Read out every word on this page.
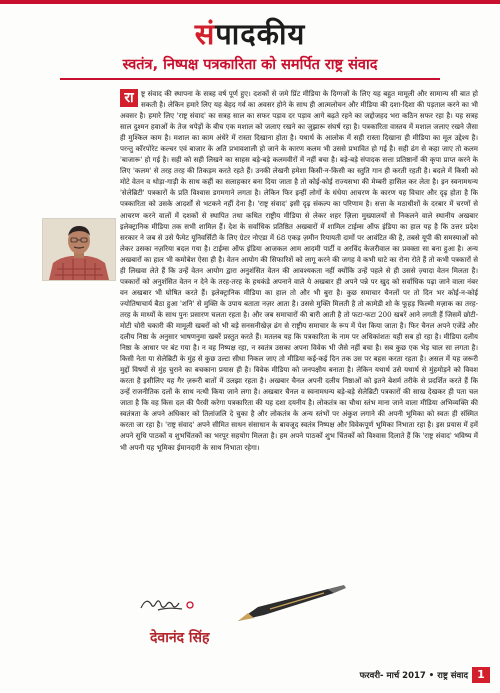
संपादकीय
स्वतंत्र, निष्पक्ष पत्रकारिता को समर्पित राष्ट्र संवाद

रा	ष्ट्र संवाद की स्थापना के सत्रह वर्ष पूर्ण हुए। दशकों से जमे प्रिंट मीडिया के दिग्गजों के लिए यह बहुत मामूली और सामान्य सी बात हो सकती है। लेकिन हमारे लिए यह बेहद गर्व का अवसर होने के साथ ही आत्मलोचन और मीडिया की दशा-दिशा की पड़ताल करने का भी अवसर है। हमारे लिए 'राष्ट्र संवाद' का सत्रह साल का सफर पड़ाव दर पड़ाव आगे बढ़ते रहने का जद्दोजहद भरा कठिन सफर रहा है। यह सत्रह साल दुश्मन हवाओं के तेज थपेड़ों के बीच एक मशाल को जलाए रखने का जुझारू संघर्ष रहा है। पत्रकारिता वास्तव में मशाल जलाए रखने जैसा ही मुश्किल काम है। मशाल का काम अंधेरे में रास्ता दिखाना होता है। यथार्थ के आलोक में सही रास्ता दिखाना ही मीडिया का मूल उद्देश्य है। परन्तु कॉरपोरेट कल्चर एवं बाजार के अति प्रभावशाली हो जाने के कारण कलम भी उससे प्रभावित हो गई है। सही ढंग से कहा जाए तो कलम 'बाजारू' हो गई है। सही को सही लिखने का साहस बड़े-बड़े कलमवीरों में नहीं बचा है। बड़े-बड़े संपादक सत्ता प्रतिष्ठानों की कृपा प्राप्त करने के लिए 'कलम' से तरह तरह की तिकड़म करते रहते हैं। उनकी लेखनी हमेशा किसी-न-किसी का स्तुति गान ही करती रहती है। बदले में किसी को मोटे वेतन व थोड़ा-गाड़ी के साथ कहीं का सलाहकार बना दिया जाता है तो कोई-कोई राज्यसभा की मेम्बरी हासिल कर लेता है। इन स्वनामधन्य 'सेलेब्रिटी' पत्रकारों के प्रति विश्वास डगमगाने लगता है। लेकिन फिर इन्हीं लोगों के धंधेया आचरण के कारण यह विचार और दृढ़ होता है कि पत्रकारिता को उसके आदर्शों से भटकने नहीं देना है। 'राष्ट्र संवाद' इसी दृढ़ संकल्प का परिणाम है। सत्ता के मठाधीशों के दरबार में चरणों से आचरण करने वालों में दशकों से स्थापित तथा कथित राष्ट्रीय मीडिया से लेकर शहर ज़िला मुख्यालयों से निकलने वाले स्थानीय अखबार इलेक्ट्रानिक मीडिया तक सभी शामिल हैं। देश के सर्वाधिक प्रतिष्ठित अखबारों में शामिल टाईम्स ऑफ इंडिया का हाल यह है कि उत्तर प्रदेश सरकार ने जब से उसे फैमेट यूनिवर्सिटी के लिए ग्रेटर नोएडा में 68 एकड़ ज़मीन रियायती दामों पर आवंटित की है, तबसे यूपी की समस्याओं को लेकर उसका नज़रिया बदल गया है। टाईम्स ऑफ इंडिया आजकल आम आदमी पार्टी व अरविंद केजरीवाल का प्रवक्ता सा बना हुआ है। अन्य अखबारों का हाल भी कमोबेश ऐसा ही है। वेतन आयोग की सिफारिशें को लागू करने की जगह वे कभी घाटे का रोना रोते हैं तो कभी पत्रकारों से ही लिखवा लेते हैं कि उन्हें वेतन आयोग द्वारा अनुशंसित वेतन की आवश्यकता नहीं क्योंकि उन्हें पहले से ही उससे ज़्यादा वेतन मिलता है। पत्रकारों को अनुशंसित वेतन न देने के तरह-तरह के हथकंडे अपनाने वाले ये अखबार ही अपने पन्ने पर खुद को सर्वाधिक पढ़ा जाने वाला नंबर वन अखबार भी घोषित करते हैं। इलेक्ट्रानिक मीडिया का हाल तो और भी बुरा है। कुछ समाचार चैनलों पर तो दिन भर कोई-न-कोई ज्योतिषाचार्य बैठा हुआ 'शनि' से मुक्ति के उपाय बताता नज़र आता है। उससे मुक्ति मिलती है तो कामेडी शो के फूहड़ फिल्मी मज़ाक का तरह-तरह के माध्यों के साथ पुनः प्रसारण चलता रहता है। और जब समाचारों की बारी आती है तो फटा-फटा 200 खबरें आने लगती हैं जिसमें छोटी-मोटी चोरी चकारी की मामूली खबरों को भी बड़े सनसनीखेज़ ढंग से राष्ट्रीय समाचार के रूप में पेश किया जाता है। फिर चैनल अपने एजेंडे और दलीय निष्ठा के अनुसार भाषणनुमा खबरें प्रस्तुत करते हैं। मतलब यह कि पत्रकारिता के नाम पर अधिकांशतः यही सब हो रहा है। मीडिया दलीय निष्ठा के आधार पर बंट गया है। न वह निष्पक्ष रहा, न स्वतंत्र उसका अपना विवेक भी जैसे नहीं बचा है। सब कुछ एक भेड़ चाल सा लगता है। किसी नेता या सेलेब्रिटी के मुंह से कुछ उल्टा सीधा निकल जाए तो मीडिया कई-कई दिन तक उस पर बहस करता रहता है। असल में यह जरूरी मुद्दों विषयों से मुंह चुराने का बचकाना प्रयास ही है। विवेक मीडिया को जनपक्षीय बनाता है। लेकिन यथार्थ उसे यथार्थ से मुंहमोड़ने को विवश करता है इसीलिए यह गैर ज़रूरी बातों में उलझा रहता है। अखबार चैनल अपनी दलीय निष्ठाओं को इतने बेशर्म तरीके से प्रदर्शित करते हैं कि उन्हें राजनीतिक दलों के साथ नत्थी किया जाने लगा है। अखबार चैनल व स्वनामधन्य बड़े-बड़े सेलेब्रिटी पत्रकारों की साख देखकर ही पता चल जाता है कि वह किस दल की पैरवी करेगा पत्रकारिता की यह दशा दयनीय है। लोकतंत्र का चौथा स्तंभ माना जाने वाला मीडिया अभिव्यक्ति की स्वतंत्रता के अपने अधिकार को तिलांजलि दे चुका है और लोकतंत्र के अन्य स्तंभों पर अंकुश लगाने की अपनी भूमिका को स्वतः ही संस्मित करता जा रहा है। 'राष्ट्र संवाद' अपने सीमित साधन संसाधान के बावजूद स्वतंत्र निष्पक्ष और विवेकपूर्ण भूमिका निभाता रहा है। इस प्रयास में हमें अपने सुधि पाठकों व शुभचिंतकों का भरपूर सहयोग मिलता है। हम अपने पाठकों शुभ चिंतकों को विश्वास दिलाते हैं कि 'राष्ट्र संवाद' भविष्य में भी अपनी यह भूमिका ईमानदारी के साथ निभाता रहेगा।

देवानंद सिंह
फरवरी- मार्च 2017 • राष्ट्र संवाद 1
